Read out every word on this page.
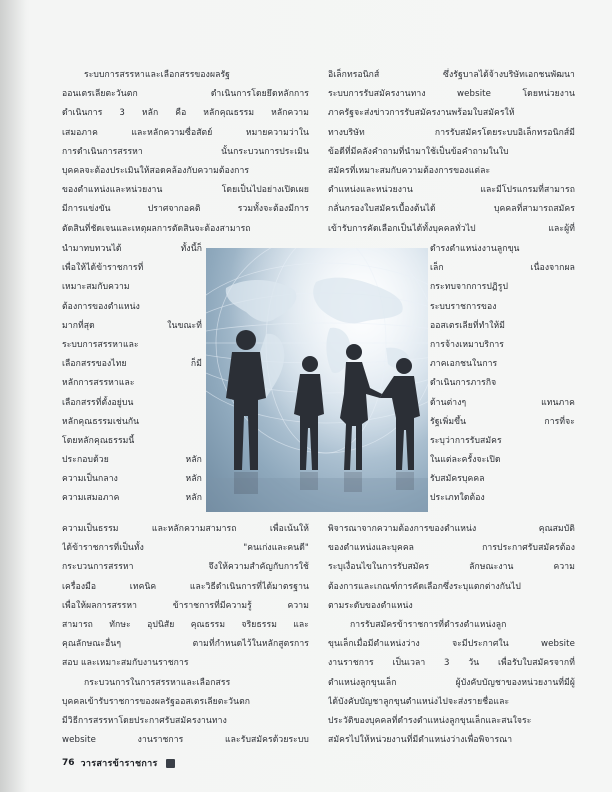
ระบบการสรรหาและเลือกสรรของผลรัฐ
ออนเตรเลียตะวันตก ดำเนินการโดยยึดหลักการ
ดำเนินการ 3 หลัก คือ หลักคุณธรรม หลักความ
เสมอภาค และหลักความซื่อสัตย์ หมายความว่าใน
การดำเนินการสรรหา นั้นกระบวนการประเมิน
บุคคลจะต้องประเมินให้สอดคล้องกับความต้องการ
ของตำแหน่งและหน่วยงาน โดยเป็นไปอย่างเปิดเผย
มีการแข่งขัน ปราศจากอคติ รวมทั้งจะต้องมีการ
ตัดสินที่ชัดเจนและเหตุผลการตัดสินจะต้องสามารถ
นำมาทบทวนได้ ทั้งนี้ก็
เพื่อให้ได้ข้าราชการที่
เหมาะสมกับความ
ต้องการของตำแหน่ง
มากที่สุด ในขณะที่
ระบบการสรรหาและ
เลือกสรรของไทย ก็มี
หลักการสรรหาและ
เลือกสรรที่ตั้งอยู่บน
หลักคุณธรรมเช่นกัน
โดยหลักคุณธรรมนี้
ประกอบด้วย หลัก
ความเป็นกลาง หลัก
ความเสมอภาค หลัก
ความเป็นธรรม และหลักความสามารถ เพื่อเน้นให้
ได้ข้าราชการที่เป็นทั้ง "คนเก่งและคนดี"
กระบวนการสรรหา จึงให้ความสำคัญกับการใช้
เครื่องมือ เทคนิค และวิธีดำเนินการที่ได้มาตรฐาน
เพื่อให้ผลการสรรหา ข้าราชการที่มีความรู้ ความ
สามารถ ทักษะ อุปนิสัย คุณธรรม จริยธรรม และ
คุณลักษณะอื่นๆ ตามที่กำหนดไว้ในหลักสูตรการ
สอบ และเหมาะสมกับงานราชการ
กระบวนการในการสรรหาและเลือกสรร
บุคคลเข้ารับราชการของผลรัฐออสเตรเลียตะวันตก
มีวิธีการสรรหาโดยประกาศรับสมัครงานทาง
website งานราชการ และรับสมัครด้วยระบบ
อิเล็กทรอนิกส์ ซึ่งรัฐบาลได้จ้างบริษัทเอกชนพัฒนา
ระบบการรับสมัครงานทาง website โดยหน่วยงาน
ภาครัฐจะส่งข่าวการรับสมัครงานพร้อมใบสมัครให้
ทางบริษัท การรับสมัครโดยระบบอิเล็กทรอนิกส์มี
ข้อดีที่มีคลังคำถามที่นำมาใช้เป็นข้อคำถามในใบ
สมัครที่เหมาะสมกับความต้องการของแต่ละ
ตำแหน่งและหน่วยงาน และมีโปรแกรมที่สามารถ
กลั่นกรองใบสมัครเบื้องต้นได้ บุคคลที่สามารถสมัคร
เข้ารับการคัดเลือกเป็นได้ทั้งบุคคลทั่วไป และผู้ที่
ดำรงตำแหน่งงานลูกขุน
เล็ก เนื่องจากผล
กระทบจากการปฏิรูป
ระบบราชการของ
ออสเตรเลียที่ทำให้มี
การจ้างเหมาบริการ
ภาคเอกชนในการ
ดำเนินการภารกิจ
ด้านต่างๆ แทนภาค
รัฐเพิ่มขึ้น การที่จะ
ระบุว่าการรับสมัคร
ในแต่ละครั้งจะเปิด
รับสมัครบุคคล
ประเภทใดต้อง
พิจารณาจากความต้องการของตำแหน่ง คุณสมบัติ
ของตำแหน่งและบุคคล การประกาศรับสมัครต้อง
ระบุเงื่อนไขในการรับสมัคร ลักษณะงาน ความ
ต้องการและเกณฑ์การคัดเลือกซึ่งระบุแตกต่างกันไป
ตามระดับของตำแหน่ง
การรับสมัครข้าราชการที่ดำรงตำแหน่งลูก
ขุนเล็กเมื่อมีตำแหน่งว่าง จะมีประกาศใน website
งานราชการ เป็นเวลา 3 วัน เพื่อรับใบสมัครจากที่
ตำแหน่งลูกขุนเล็ก ผู้บังคับบัญชาของหน่วยงานที่มีผู้
ได้บังคับบัญชาลูกขุนตำแหน่งไปจะส่งรายชื่อและ
ประวัติของบุคคลที่ดำรงตำแหน่งลูกขุนเล็กและสนใจระ
สมัครไปให้หน่วยงานที่มีตำแหน่งว่างเพื่อพิจารณา
76 วารสารข้าราชการ
